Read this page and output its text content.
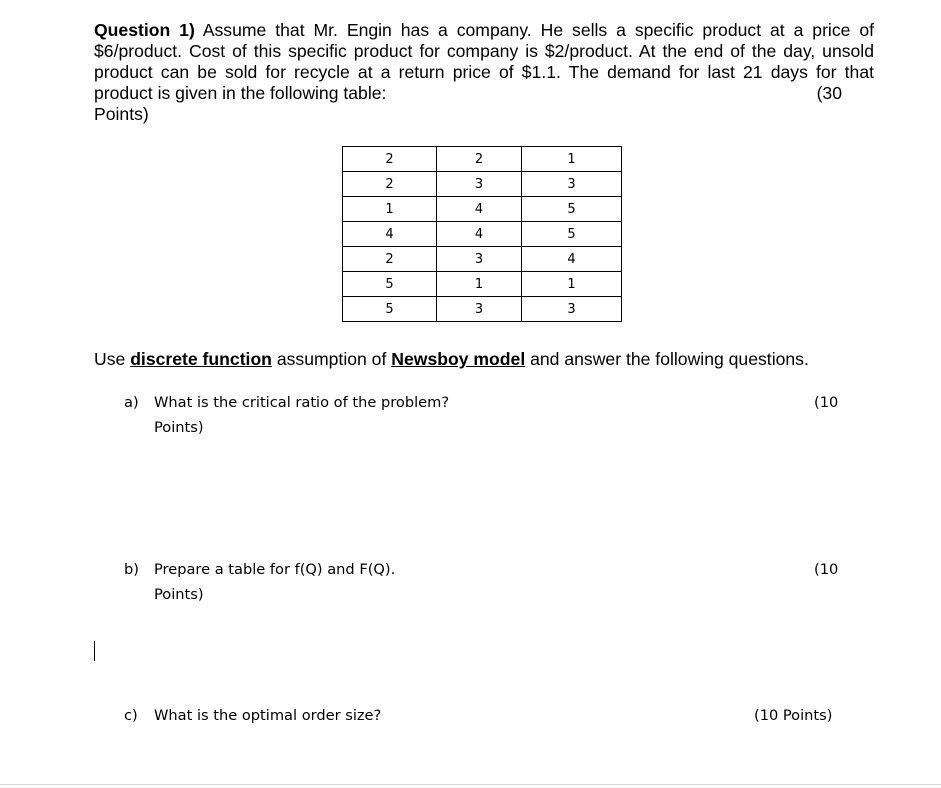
Question 1) Assume that Mr. Engin has a company. He sells a specific product at a price of
$6/product. Cost of this specific product for company is $2/product. At the end of the day, unsold
product can be sold for recycle at a return price of $1.1. The demand for last 21 days for that
product is given in the following table:	(30
Points)
2	2	1
2	3	3
1	4	5
4	4	5
2	3	4
5	1	1
5	3	3
Use discrete function assumption of Newsboy model and answer the following questions.
a) What is the critical ratio of the problem?
Points)
(10
b) Prepare a table for f(Q) and F(Q).
Points)
(10
c) What is the optimal order size?	(10 Points)
